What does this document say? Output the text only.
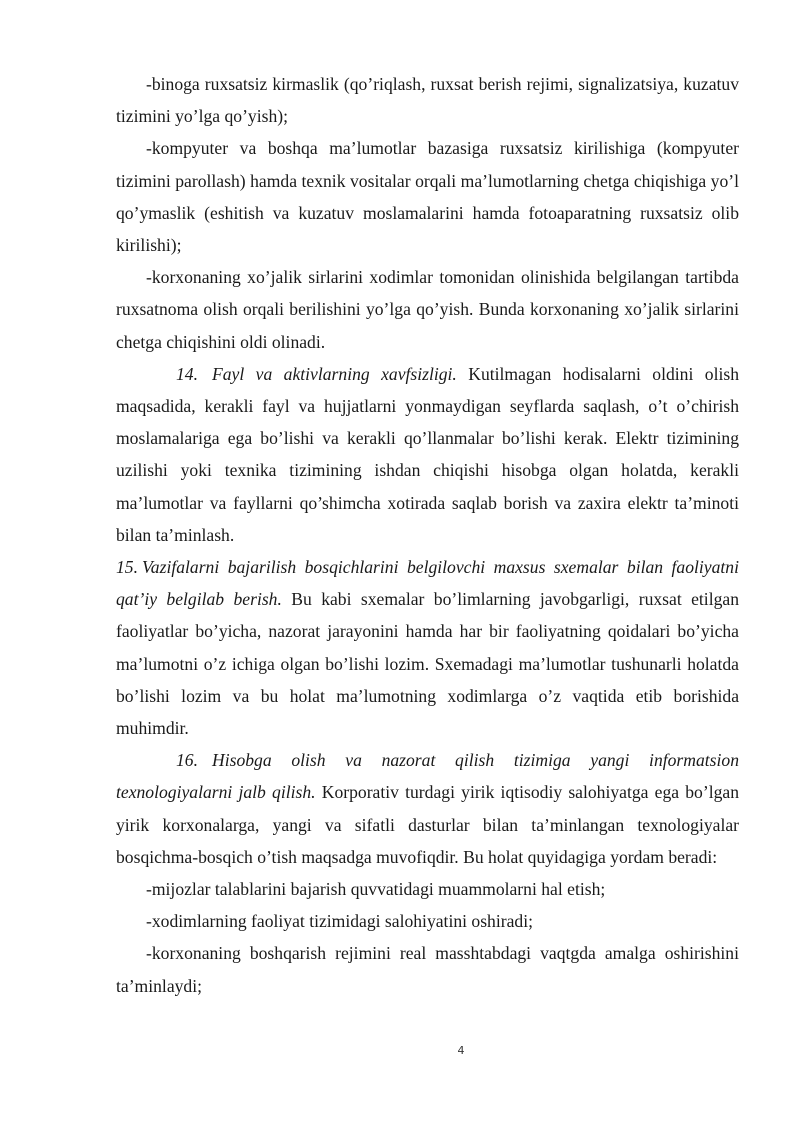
-binoga ruxsatsiz kirmaslik (qo’riqlash, ruxsat berish rejimi, signalizatsiya, kuzatuv tizimini yo’lga qo’yish);

-kompyuter va boshqa ma’lumotlar bazasiga ruxsatsiz kirilishiga (kompyuter tizimini parollash) hamda texnik vositalar orqali ma’lumotlarning chetga chiqishiga yo’l qo’ymaslik (eshitish va kuzatuv moslamalarini hamda fotoaparatning ruxsatsiz olib kirilishi);

-korxonaning xo’jalik sirlarini xodimlar tomonidan olinishida belgilangan tartibda ruxsatnoma olish orqali berilishini yo’lga qo’yish. Bunda korxonaning xo’jalik sirlarini chetga chiqishini oldi olinadi.

14. Fayl va aktivlarning xavfsizligi. Kutilmagan hodisalarni oldini olish maqsadida, kerakli fayl va hujjatlarni yonmaydigan seyflarda saqlash, o’t o’chirish moslamalariga ega bo’lishi va kerakli qo’llanmalar bo’lishi kerak. Elektr tizimining uzilishi yoki texnika tizimining ishdan chiqishi hisobga olgan holatda, kerakli ma’lumotlar va fayllarni qo’shimcha xotirada saqlab borish va zaxira elektr ta’minoti bilan ta’minlash.

15. Vazifalarni bajarilish bosqichlarini belgilovchi maxsus sxemalar bilan faoliyatni qat’iy belgilab berish. Bu kabi sxemalar bo’limlarning javobgarligi, ruxsat etilgan faoliyatlar bo’yicha, nazorat jarayonini hamda har bir faoliyatning qoidalari bo’yicha ma’lumotni o’z ichiga olgan bo’lishi lozim. Sxemadagi ma’lumotlar tushunarli holatda bo’lishi lozim va bu holat ma’lumotning xodimlarga o’z vaqtida etib borishida muhimdir.

16. Hisobga olish va nazorat qilish tizimiga yangi informatsion texnologiyalarni jalb qilish. Korporativ turdagi yirik iqtisodiy salohiyatga ega bo’lgan yirik korxonalarga, yangi va sifatli dasturlar bilan ta’minlangan texnologiyalar bosqichma-bosqich o’tish maqsadga muvofiqdir. Bu holat quyidagiga yordam beradi:

-mijozlar talablarini bajarish quvvatidagi muammolarni hal etish;

-xodimlarning faoliyat tizimidagi salohiyatini oshiradi;

-korxonaning boshqarish rejimini real masshtabdagi vaqtgda amalga oshirishini ta’minlaydi;

4
